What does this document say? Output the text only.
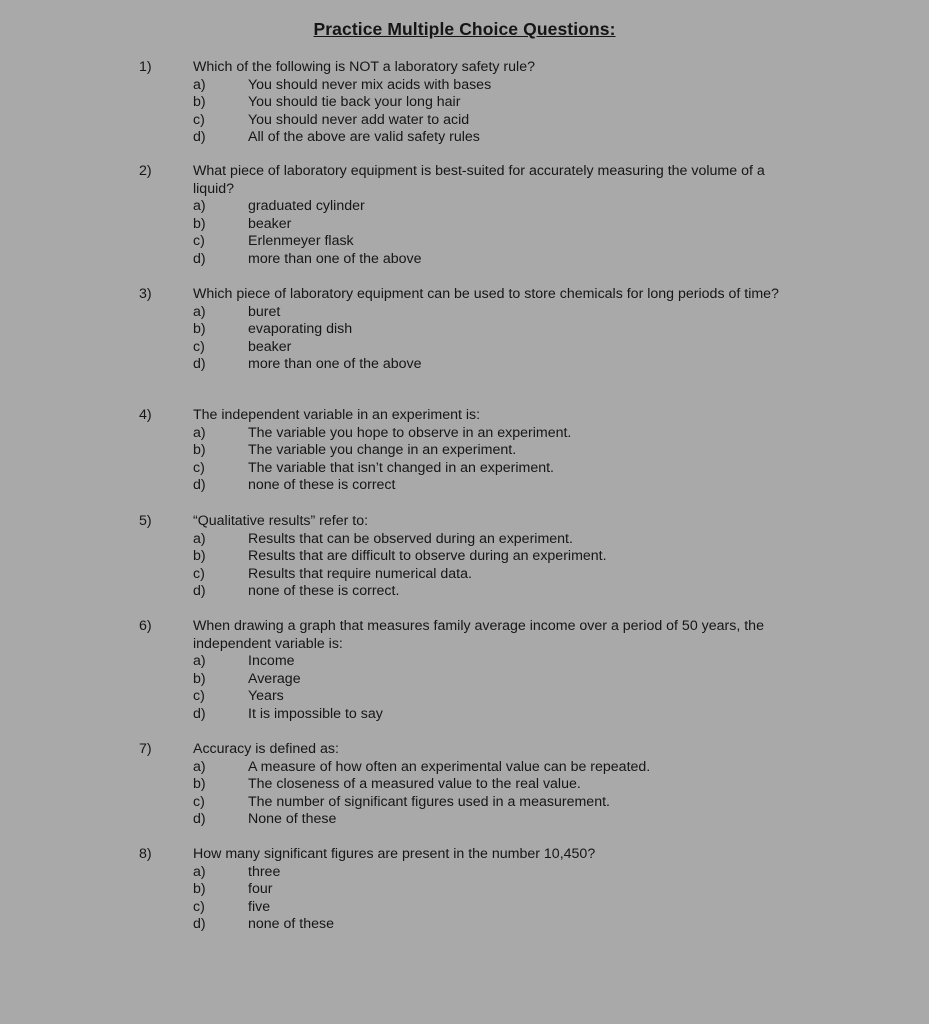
Practice Multiple Choice Questions:
1)	Which of the following is NOT a laboratory safety rule?
a)	You should never mix acids with bases
b)	You should tie back your long hair
c)	You should never add water to acid
d)	All of the above are valid safety rules
2)	What piece of laboratory equipment is best-suited for accurately measuring the volume of a liquid?
a)	graduated cylinder
b)	beaker
c)	Erlenmeyer flask
d)	more than one of the above
3)	Which piece of laboratory equipment can be used to store chemicals for long periods of time?
a)	buret
b)	evaporating dish
c)	beaker
d)	more than one of the above
4)	The independent variable in an experiment is:
a)	The variable you hope to observe in an experiment.
b)	The variable you change in an experiment.
c)	The variable that isn’t changed in an experiment.
d)	none of these is correct
5)	“Qualitative results” refer to:
a)	Results that can be observed during an experiment.
b)	Results that are difficult to observe during an experiment.
c)	Results that require numerical data.
d)	none of these is correct.
6)	When drawing a graph that measures family average income over a period of 50 years, the independent variable is:
a)	Income
b)	Average
c)	Years
d)	It is impossible to say
7)	Accuracy is defined as:
a)	A measure of how often an experimental value can be repeated.
b)	The closeness of a measured value to the real value.
c)	The number of significant figures used in a measurement.
d)	None of these
8)	How many significant figures are present in the number 10,450?
a)	three
b)	four
c)	five
d)	none of these
